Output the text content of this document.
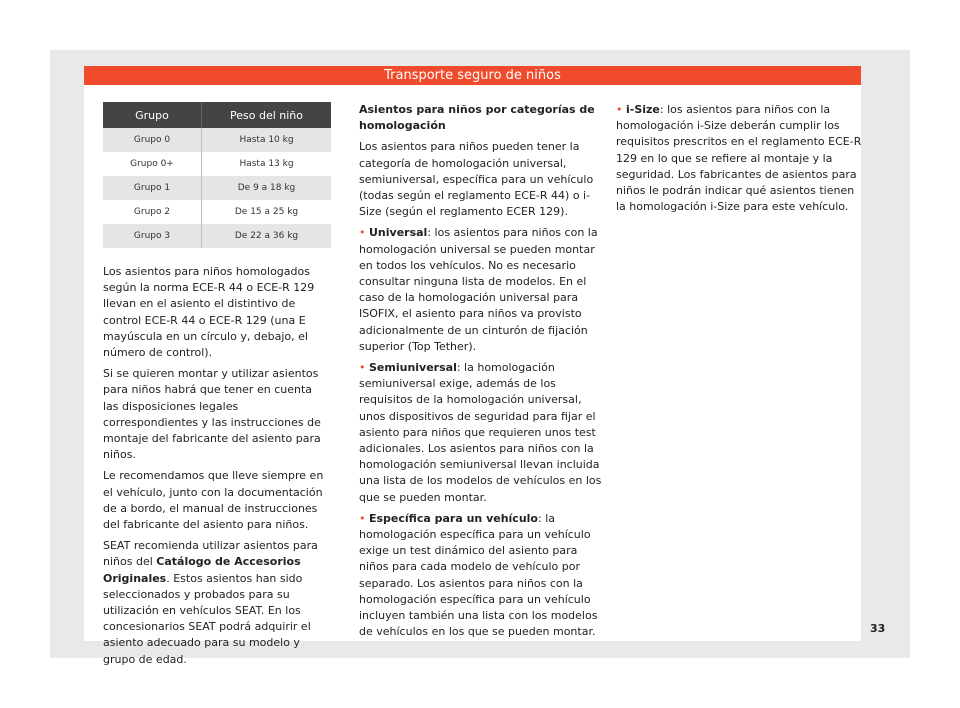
Transporte seguro de niños
Grupo	Peso del niño
Grupo 0	Hasta 10 kg
Grupo 0+	Hasta 13 kg
Grupo 1	De 9 a 18 kg
Grupo 2	De 15 a 25 kg
Grupo 3	De 22 a 36 kg

Los asientos para niños homologados según la norma ECE-R 44 o ECE-R 129 llevan en el asiento el distintivo de control ECE-R 44 o ECE-R 129 (una E mayúscula en un círculo y, debajo, el número de control).

Si se quieren montar y utilizar asientos para niños habrá que tener en cuenta las disposiciones legales correspondientes y las instrucciones de montaje del fabricante del asiento para niños.

Le recomendamos que lleve siempre en el vehículo, junto con la documentación de a bordo, el manual de instrucciones del fabricante del asiento para niños.

SEAT recomienda utilizar asientos para niños del Catálogo de Accesorios Originales. Estos asientos han sido seleccionados y probados para su utilización en vehículos SEAT. En los concesionarios SEAT podrá adquirir el asiento adecuado para su modelo y grupo de edad.

Asientos para niños por categorías de homologación

Los asientos para niños pueden tener la categoría de homologación universal, semiuniversal, específica para un vehículo (todas según el reglamento ECE-R 44) o i-Size (según el reglamento ECER 129).

• Universal: los asientos para niños con la homologación universal se pueden montar en todos los vehículos. No es necesario consultar ninguna lista de modelos. En el caso de la homologación universal para ISOFIX, el asiento para niños va provisto adicionalmente de un cinturón de fijación superior (Top Tether).

• Semiuniversal: la homologación semiuniversal exige, además de los requisitos de la homologación universal, unos dispositivos de seguridad para fijar el asiento para niños que requieren unos test adicionales. Los asientos para niños con la homologación semiuniversal llevan incluida una lista de los modelos de vehículos en los que se pueden montar.

• Específica para un vehículo: la homologación específica para un vehículo exige un test dinámico del asiento para niños para cada modelo de vehículo por separado. Los asientos para niños con la homologación específica para un vehículo incluyen también una lista con los modelos de vehículos en los que se pueden montar.

• i-Size: los asientos para niños con la homologación i-Size deberán cumplir los requisitos prescritos en el reglamento ECE-R 129 en lo que se refiere al montaje y la seguridad. Los fabricantes de asientos para niños le podrán indicar qué asientos tienen la homologación i-Size para este vehículo.

33
